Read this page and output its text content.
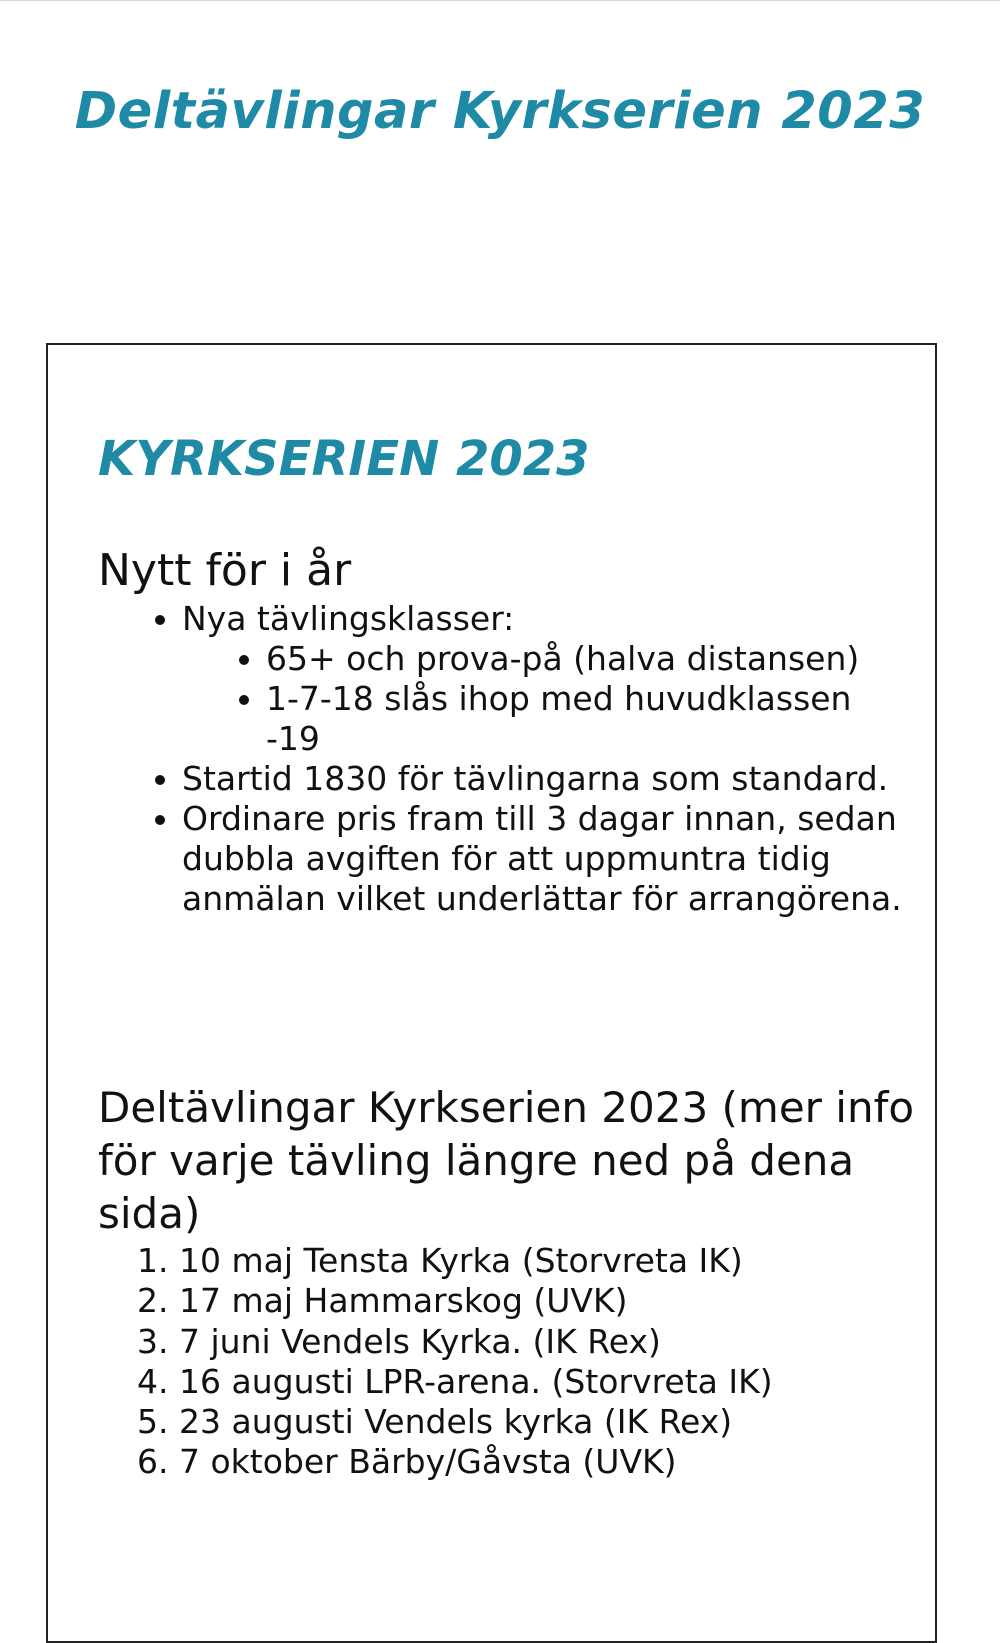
Deltävlingar Kyrkserien 2023
KYRKSERIEN 2023
Nytt för i år
• Nya tävlingsklasser:
• 65+ och prova-på (halva distansen)
• 1-7-18 slås ihop med huvudklassen -19
• Startid 1830 för tävlingarna som standard.
• Ordinare pris fram till 3 dagar innan, sedan dubbla avgiften för att uppmuntra tidig anmälan vilket underlättar för arrangörena.
Deltävlingar Kyrkserien 2023 (mer info för varje tävling längre ned på dena sida)
1. 10 maj Tensta Kyrka (Storvreta IK)
2. 17 maj Hammarskog (UVK)
3. 7 juni Vendels Kyrka. (IK Rex)
4. 16 augusti LPR-arena. (Storvreta IK)
5. 23 augusti Vendels kyrka (IK Rex)
6. 7 oktober Bärby/Gåvsta (UVK)
